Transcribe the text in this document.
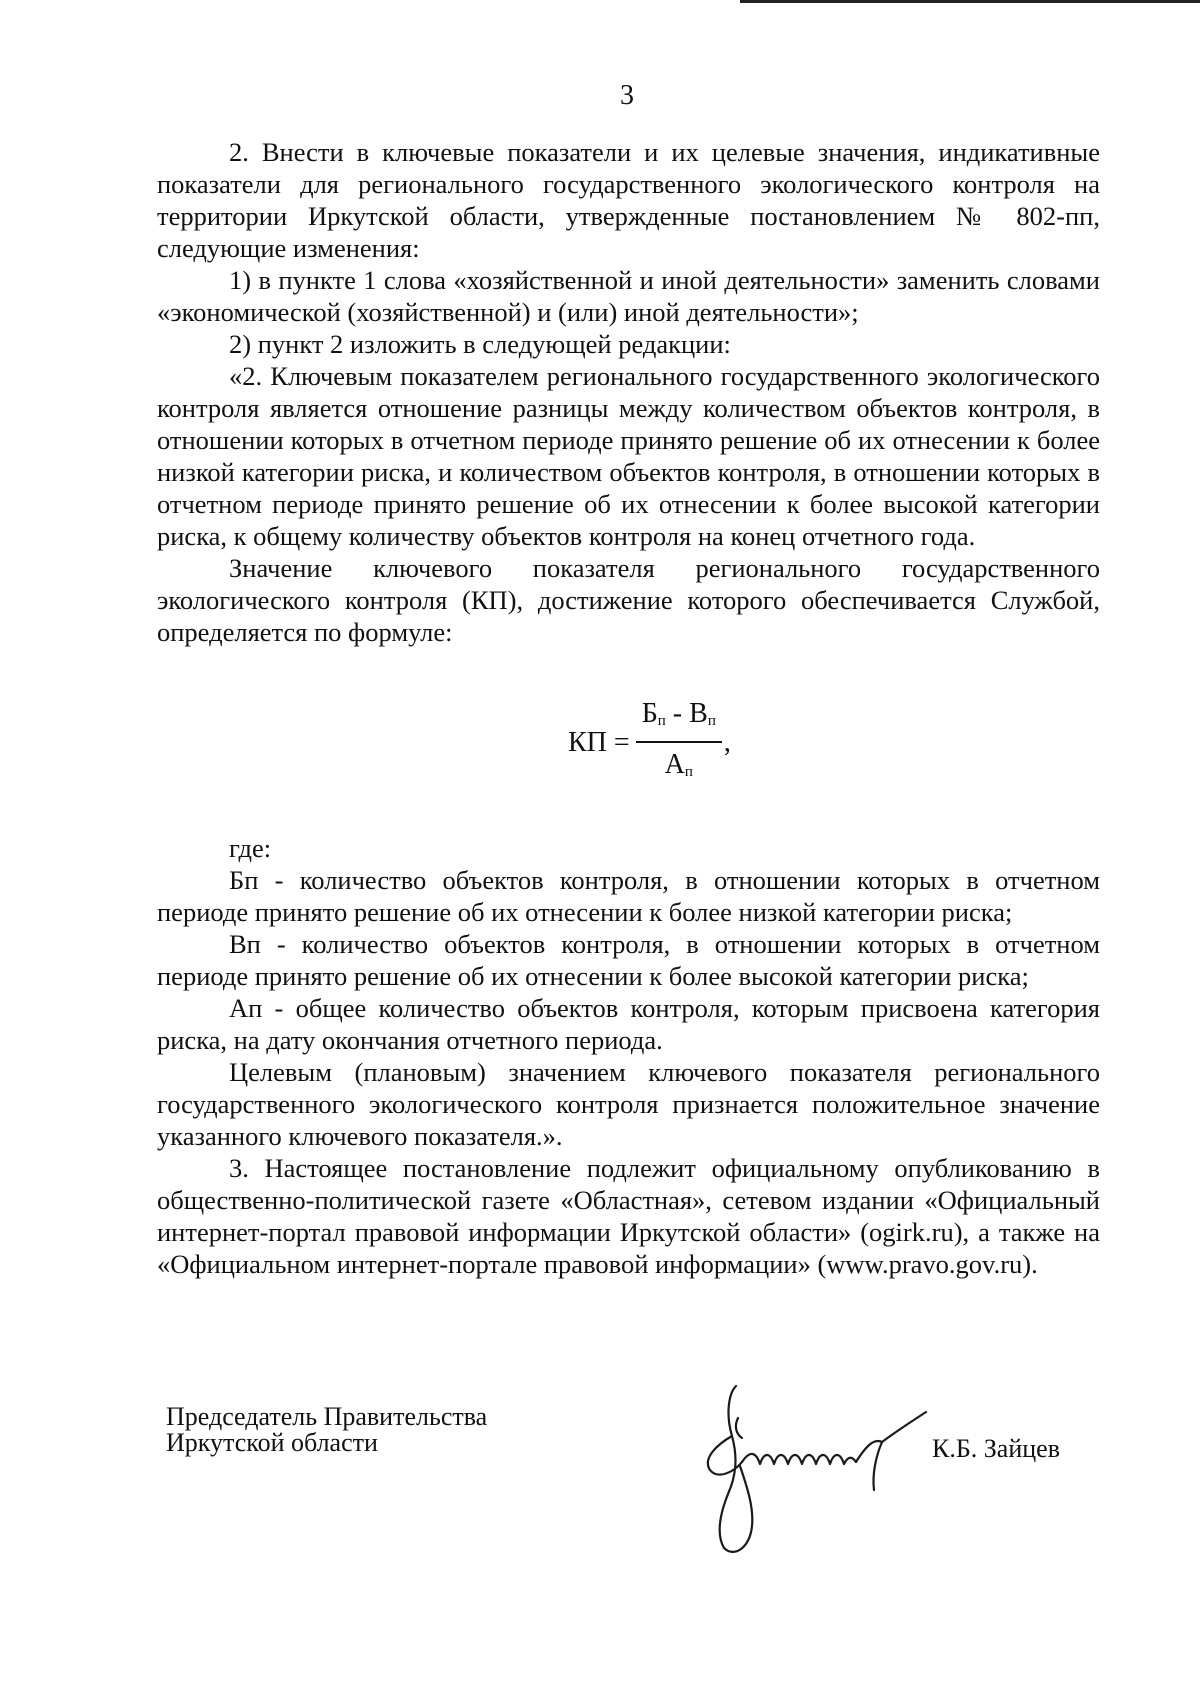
3

2. Внести в ключевые показатели и их целевые значения, индикативные показатели для регионального государственного экологического контроля на территории Иркутской области, утвержденные постановлением № 802-пп, следующие изменения:

1) в пункте 1 слова «хозяйственной и иной деятельности» заменить словами «экономической (хозяйственной) и (или) иной деятельности»;

2) пункт 2 изложить в следующей редакции:

«2. Ключевым показателем регионального государственного экологического контроля является отношение разницы между количеством объектов контроля, в отношении которых в отчетном периоде принято решение об их отнесении к более низкой категории риска, и количеством объектов контроля, в отношении которых в отчетном периоде принято решение об их отнесении к более высокой категории риска, к общему количеству объектов контроля на конец отчетного года.

Значение ключевого показателя регионального государственного экологического контроля (КП), достижение которого обеспечивается Службой, определяется по формуле:

КП = $\frac{Б_п - В_п}{А_п}$ ,

где:

Бп - количество объектов контроля, в отношении которых в отчетном периоде принято решение об их отнесении к более низкой категории риска;

Вп - количество объектов контроля, в отношении которых в отчетном периоде принято решение об их отнесении к более высокой категории риска;

Ап - общее количество объектов контроля, которым присвоена категория риска, на дату окончания отчетного периода.

Целевым (плановым) значением ключевого показателя регионального государственного экологического контроля признается положительное значение указанного ключевого показателя.».

3. Настоящее постановление подлежит официальному опубликованию в общественно-политической газете «Областная», сетевом издании «Официальный интернет-портал правовой информации Иркутской области» (ogirk.ru), а также на «Официальном интернет-портале правовой информации» (www.pravo.gov.ru).

Председатель Правительства
Иркутской области	К.Б. Зайцев
